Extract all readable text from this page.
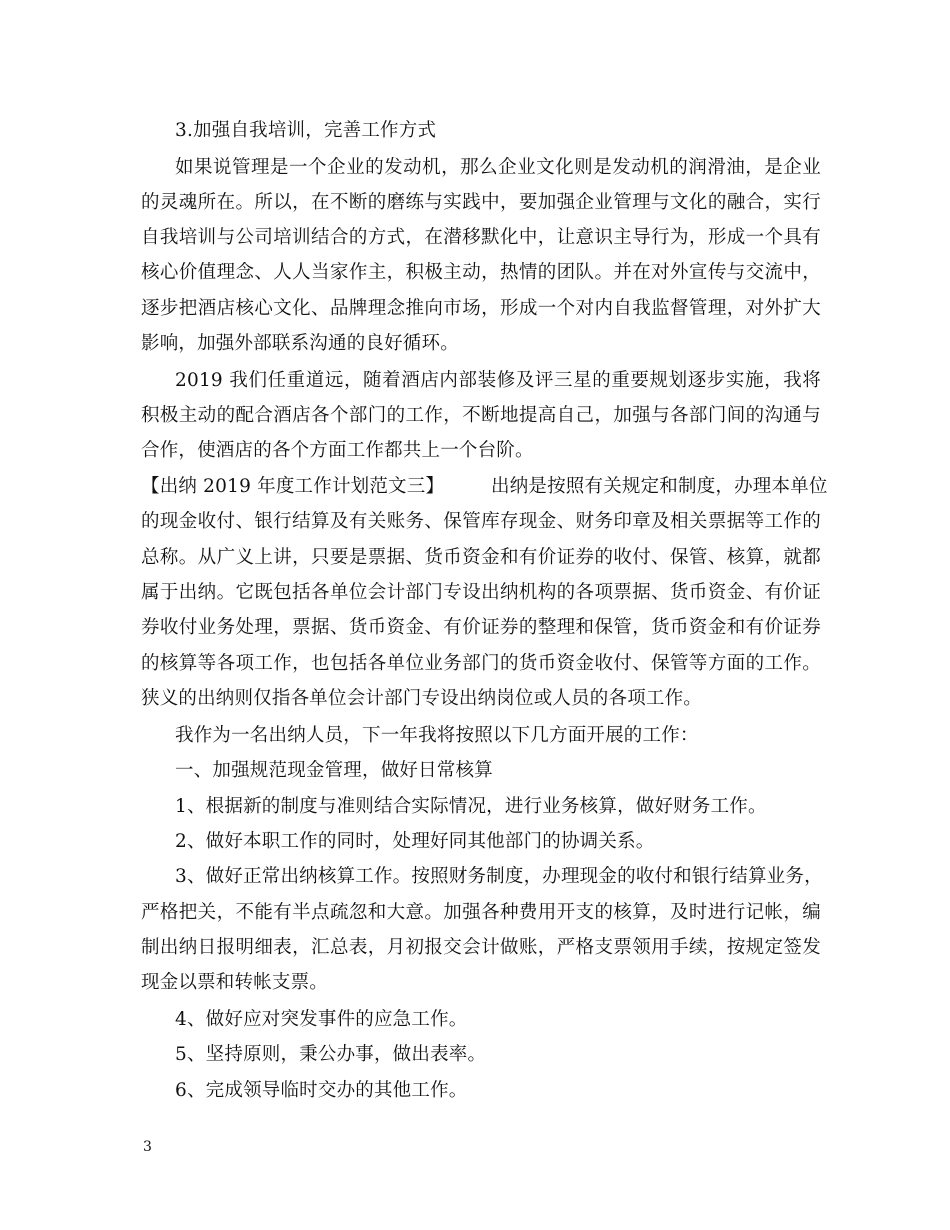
3.加强自我培训，完善工作方式
如果说管理是一个企业的发动机，那么企业文化则是发动机的润滑油，是企业
的灵魂所在。所以，在不断的磨练与实践中，要加强企业管理与文化的融合，实行
自我培训与公司培训结合的方式，在潜移默化中，让意识主导行为，形成一个具有
核心价值理念、人人当家作主，积极主动，热情的团队。并在对外宣传与交流中，
逐步把酒店核心文化、品牌理念推向市场，形成一个对内自我监督管理，对外扩大
影响，加强外部联系沟通的良好循环。
2019 我们任重道远，随着酒店内部装修及评三星的重要规划逐步实施，我将
积极主动的配合酒店各个部门的工作，不断地提高自己，加强与各部门间的沟通与
合作，使酒店的各个方面工作都共上一个台阶。
【出纳 2019 年度工作计划范文三】　　　出纳是按照有关规定和制度，办理本单位
的现金收付、银行结算及有关账务、保管库存现金、财务印章及相关票据等工作的
总称。从广义上讲，只要是票据、货币资金和有价证券的收付、保管、核算，就都
属于出纳。它既包括各单位会计部门专设出纳机构的各项票据、货币资金、有价证
券收付业务处理，票据、货币资金、有价证券的整理和保管，货币资金和有价证券
的核算等各项工作，也包括各单位业务部门的货币资金收付、保管等方面的工作。
狭义的出纳则仅指各单位会计部门专设出纳岗位或人员的各项工作。
我作为一名出纳人员，下一年我将按照以下几方面开展的工作：
一、加强规范现金管理，做好日常核算
1、根据新的制度与准则结合实际情况，进行业务核算，做好财务工作。
2、做好本职工作的同时，处理好同其他部门的协调关系。
3、做好正常出纳核算工作。按照财务制度，办理现金的收付和银行结算业务，
严格把关，不能有半点疏忽和大意。加强各种费用开支的核算，及时进行记帐，编
制出纳日报明细表，汇总表，月初报交会计做账，严格支票领用手续，按规定签发
现金以票和转帐支票。
4、做好应对突发事件的应急工作。
5、坚持原则，秉公办事，做出表率。
6、完成领导临时交办的其他工作。
3
